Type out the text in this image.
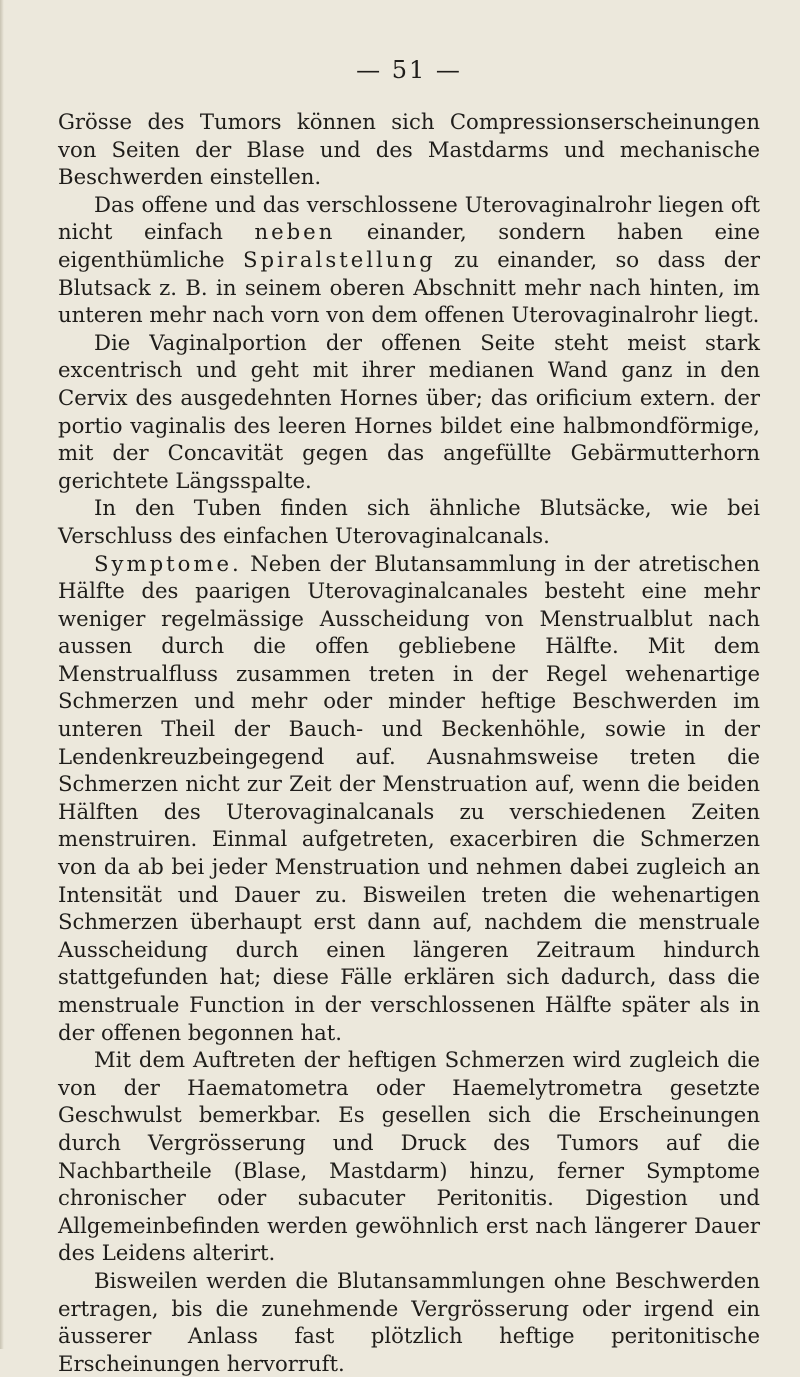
— 51 —

Grösse des Tumors können sich Compressionserscheinungen von Seiten der Blase und des Mastdarms und mechanische Beschwerden einstellen.

Das offene und das verschlossene Uterovaginalrohr liegen oft nicht einfach neben einander, sondern haben eine eigenthümliche Spiralstellung zu einander, so dass der Blutsack z. B. in seinem oberen Abschnitt mehr nach hinten, im unteren mehr nach vorn von dem offenen Uterovaginalrohr liegt.

Die Vaginalportion der offenen Seite steht meist stark excentrisch und geht mit ihrer medianen Wand ganz in den Cervix des ausgedehnten Hornes über; das orificium extern. der portio vaginalis des leeren Hornes bildet eine halbmondförmige, mit der Concavität gegen das angefüllte Gebärmutterhorn gerichtete Längsspalte.

In den Tuben finden sich ähnliche Blutsäcke, wie bei Verschluss des einfachen Uterovaginalcanals.

Symptome. Neben der Blutansammlung in der atretischen Hälfte des paarigen Uterovaginalcanales besteht eine mehr weniger regelmässige Ausscheidung von Menstrualblut nach aussen durch die offen gebliebene Hälfte. Mit dem Menstrualfluss zusammen treten in der Regel wehenartige Schmerzen und mehr oder minder heftige Beschwerden im unteren Theil der Bauch- und Beckenhöhle, sowie in der Lendenkreuzbeingegend auf. Ausnahmsweise treten die Schmerzen nicht zur Zeit der Menstruation auf, wenn die beiden Hälften des Uterovaginalcanals zu verschiedenen Zeiten menstruiren. Einmal aufgetreten, exacerbiren die Schmerzen von da ab bei jeder Menstruation und nehmen dabei zugleich an Intensität und Dauer zu. Bisweilen treten die wehenartigen Schmerzen überhaupt erst dann auf, nachdem die menstruale Ausscheidung durch einen längeren Zeitraum hindurch stattgefunden hat; diese Fälle erklären sich dadurch, dass die menstruale Function in der verschlossenen Hälfte später als in der offenen begonnen hat.

Mit dem Auftreten der heftigen Schmerzen wird zugleich die von der Haematometra oder Haemelytrometra gesetzte Geschwulst bemerkbar. Es gesellen sich die Erscheinungen durch Vergrösserung und Druck des Tumors auf die Nachbartheile (Blase, Mastdarm) hinzu, ferner Symptome chronischer oder subacuter Peritonitis. Digestion und Allgemeinbefinden werden gewöhnlich erst nach längerer Dauer des Leidens alterirt.

Bisweilen werden die Blutansammlungen ohne Beschwerden ertragen, bis die zunehmende Vergrösserung oder irgend ein äusserer Anlass fast plötzlich heftige peritonitische Erscheinungen hervorruft.
